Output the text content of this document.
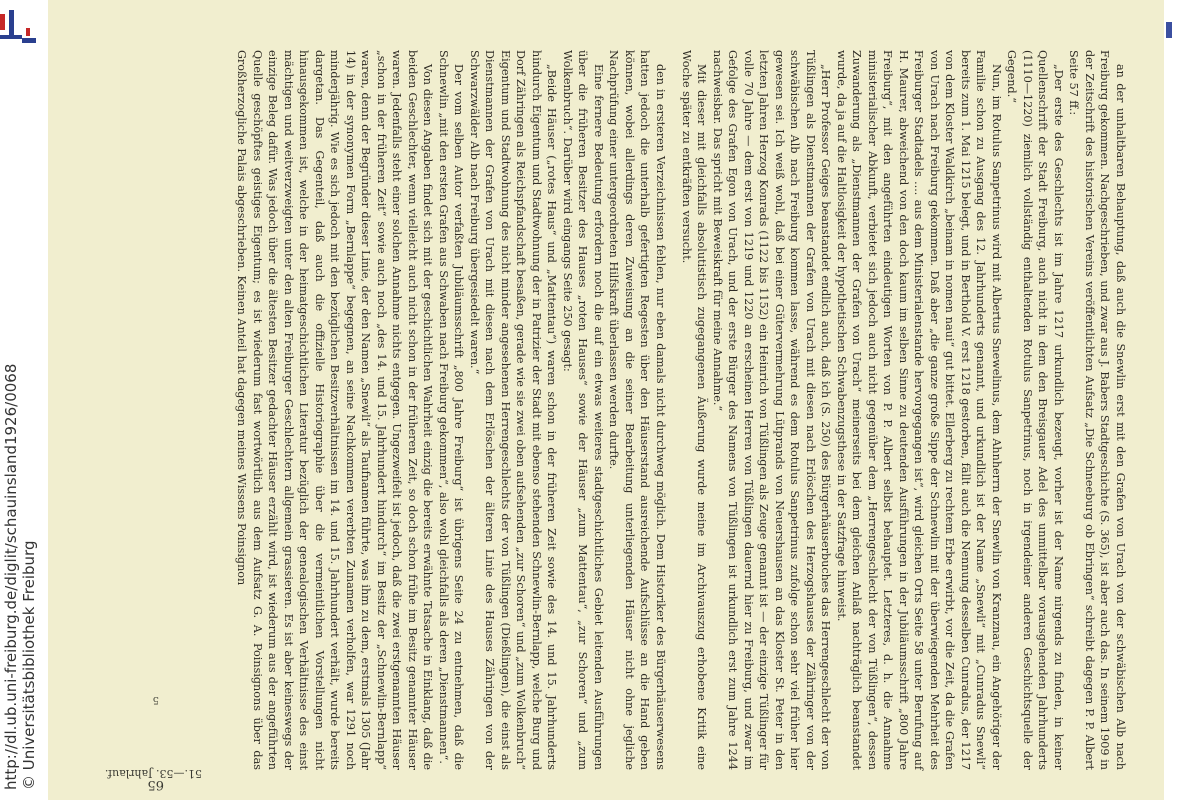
http://dl.ub.uni-freiburg.de/diglit/schauinsland1926/0068 © Universitätsbibliothek Freiburg	51.—53. Jahrlauf.
65
5	den in ersteren Verzeichnissen fehlen, nur eben damals nicht durchweg möglich. Dem Historiker des Bürgerhäuserwesens hatten jedoch die unterhalb gefertigten Regesten über den Häuserstand ausreichende Aufschlüsse an die Hand geben können, wobei allerdings deren Zuweisung an die seiner Bearbeitung unterliegenden Häuser nicht ohne jegliche Nachprüfung einer untergeordneten Hilfskraft überlassen werden durfte.

Eine fernere Bedeutung erfordern noch die auf ein etwas weiteres stadtgeschichtliches Gebiet leitenden Ausführungen über die früheren Besitzer des Hauses „roten Hauses“ sowie der Häuser „zum Mattentau“, „zur Schoren“ und „zum Wolkenbruch“. Darüber wird eingangs Seite 250 gesagt:

„Beide Häuser („rotes Haus“ und „Mattentau“) waren schon in der früheren Zeit sowie des 14. und 15. Jahrhunderts hindurch Eigentum und Stadtwohnung der in Patrizier der Stadt mit ebenso stehenden Schnewlin-Bernlapp, welche Burg und Dorf Zähringen als Reichspfandschaft besaßen, gerade wie sie zwei oben aufsehenden „zur Schoren“ und „zum Wolkenbruch“ Eigentum und Stadtwohnung des nicht minder angesehenen Herrengeschlechts der von Tüßlingen (Dießlingen), die einst als Dienstmannen der Grafen von Urach mit diesen nach dem Erlöschen der älteren Linie des Hauses Zähringen von der Schwarzwälder Alb nach Freiburg übergesiedelt waren.“

Der vom selben Autor verfaßten Jubiläumsschrift „800 Jahre Freiburg“ ist übrigens Seite 24 zu entnehmen, daß die Schnewlin „mit den ersten Grafen aus Schwaben nach Freiburg gekommen“, also wohl gleichfalls als deren „Dienstmannen“.

Von diesen Angaben findet sich mit der geschichtlichen Wahrheit einzig die bereits erwähnte Tatsache in Einklang, daß die beiden Geschlechter, wenn vielleicht auch nicht schon in der früheren Zeit, so doch schon frühe im Besitz genannter Häuser waren. Jedenfalls steht einer solchen Annahme nichts entgegen. Ungezweifelt ist jedoch, daß die zwei erstgenannten Häuser „schon in der früheren Zeit“ sowie auch noch „des 14. und 15. Jahrhundert hindurch“ im Besitz der „Schnewlin-Bernlapp“ waren, denn der Begründer dieser Linie, der den Namen „Snewli“ als Taufnamen führte, was ihm zu dem, erstmals 1305 (Jahr 14) in der synonymen Form „Bernlappe“ begegnen, an seine Nachkommen vererbten Zunamen verholfen, war 1291 noch minderjährig. Wie es sich jedoch mit den bezüglichen Besitzverhältnissen im 14. und 15. Jahrhundert verhält, wurde bereits dargetan. Das Gegenteil, daß auch die offizielle Historiographie über die vermeintlichen Vorstellungen nicht hinausgekommen ist, welche in der heimatgeschichtlichen Literatur bezüglich der genealogischen Verhältnisse des einst mächtigen und weitverzweigten unter den alten Freiburger Geschlechtern allgemein grassieren. Es ist aber keineswegs der einzige Beleg dafür. Was jedoch über die ältesten Besitzer gedachter Häuser erzählt wird, ist wiederum aus der angeführten Quelle geschöpftes geistiges Eigentum; es ist wiederum fast wortwörtlich aus dem Aufsatz G. A. Poinsignons über das Großherzogliche Palais abgeschrieben. Keinen Anteil hat dagegen meines Wissens Poinsignon	an der unhaltbaren Behauptung, daß auch die Snewlin erst mit den Grafen von Urach von der schwäbischen Alb nach Freiburg gekommen. Nachgeschrieben, und zwar aus J. Babers Stadtgeschichte (S. 365), ist aber auch das. In seinem 1909 in der Zeitschrift des historischen Vereins veröffentlichten Aufsatz „Die Schneeburg ob Ebringen“ schreibt dagegen P. P. Albert Seite 57 ff.:

„Der erste des Geschlechts ist im Jahre 1217 urkundlich bezeugt, vorher ist der Name nirgends zu finden, in keiner Quellenschrift der Stadt Freiburg, auch nicht in dem den Breisgauer Adel des unmittelbar vorausgehenden Jahrhunderts (1110—1220) ziemlich vollständig enthaltenden Rotulus Sanpetrinus, noch in irgendeiner anderen Geschichtsquelle der Gegend.“

Nun, im Rotulus Sanpetrinus wird mit Albertus Snewelinus, dem Ahnherrn der Snewlin von Kranznau, ein Angehöriger der Familie schon zu Ausgang des 12. Jahrhunderts genannt, und urkundlich ist der Name „Snewli“ mit „Cunradus Snewli“ bereits zum 1. Mai 1215 belegt, und in Berthold V. erst 1218 gestorben, fällt auch die Nennung desselben Cunradus, der 1217 von dem Kloster Waldkirch „beinam in nomen naui“ gut bittet. Ellerberg zu rechtem Erbe erwirbt, vor die Zeit, da die Grafen von Urach nach Freiburg gekommen. Daß aber „die ganze große Sippe der Schnewlin mit der überwiegenden Mehrheit des Freiburger Stadtadels .... aus dem Ministerialenstande hervorgegangen ist“, wird gleichen Orts Seite 58 unter Berufung auf H. Maurer, abweichend von den doch kaum im selben Sinne zu deutenden Ausführungen in der Jubiläumsschrift „800 Jahre Freiburg“, mit den angeführten eindeutigen Worten von P. P. Albert selbst behauptet. Letzteres, d. h. die Annahme ministerialischer Abkunft, verbietet sich jedoch auch nicht gegenüber dem „Herrengeschlecht der von Tüßlingen“, dessen Zuwanderung als „Dienstmannen der Grafen von Urach“ meinerseits bei dem gleichen Anlaß nachträglich beanstandet wurde, da ja auf die Haltlosigkeit der hypothetischen Schwabenzugsthese in der Satzfrage hinweist.

„Herr Professor Geiges beanstandet endlich auch, daß ich (S. 250) des Bürgerhäuserbuches das Herrengeschlecht der von Tüßlingen als Dienstmannen der Grafen von Urach mit diesen nach Erlöschen des Herzogshauses der Zähringer von der schwäbischen Alb nach Freiburg kommen lasse, während es dem Rotulus Sanpetrinus zufolge schon sehr viel früher hier gewesen sei. Ich weiß wohl, daß bei einer Gütervermehrung Lütprands von Neuershausen an das Kloster St. Peter in den letzten Jahren Herzog Konrads (1122 bis 1152) ein Heinrich von Tüßlingen als Zeuge genannt ist — der einzige Tüßlinger für volle 70 Jahre — dem erst von 1219 und 1220 an erscheinen Herren von Tüßlingen dauernd hier zu Freiburg, und zwar im Gefolge des Grafen Egon von Urach, und der erste Bürger des Namens von Tüßlingen ist urkundlich erst zum Jahre 1244 nachweisbar. Das spricht mit Beweiskraft für meine Annahme.“

Mit dieser mit gleichfalls absolutistisch zugegangenen Äußerung wurde meine im Archivauszug erhobene Kritik eine Woche später zu entkräften versucht.
